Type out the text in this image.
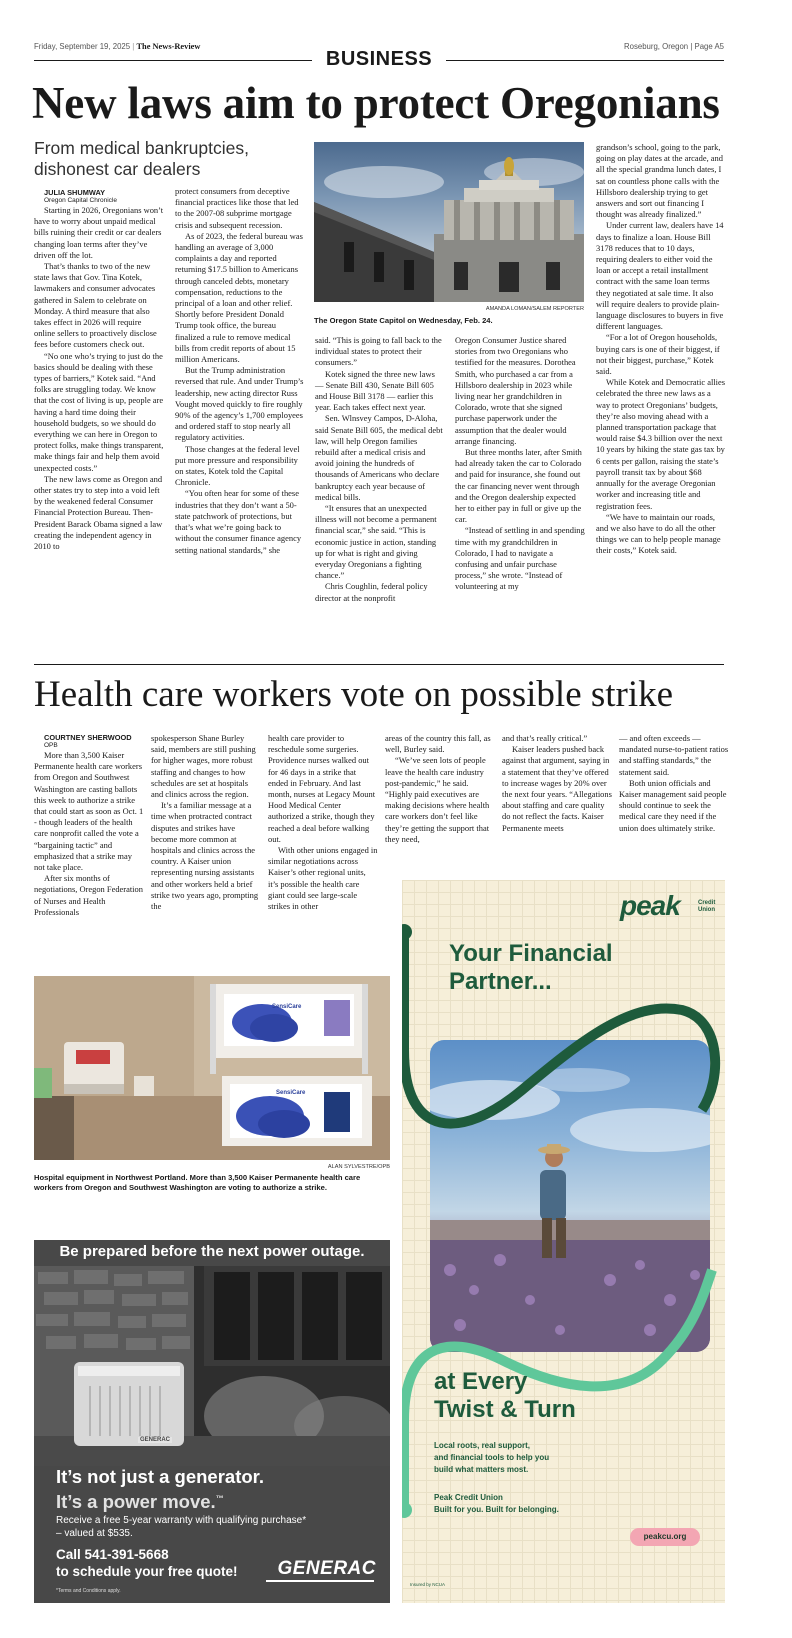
Friday, September 19, 2025 | The News-Review
BUSINESS
Roseburg, Oregon | Page A5
New laws aim to protect Oregonians
From medical bankruptcies,
dishonest car dealers

JULIA SHUMWAY

Oregon Capital Chronicle

Starting in 2026, Oregonians won’t have to worry about unpaid medical bills ruining their credit or car dealers changing loan terms after they’ve driven off the lot.

That’s thanks to two of the new state laws that Gov. Tina Kotek, lawmakers and consumer advocates gathered in Salem to celebrate on Monday. A third measure that also takes effect in 2026 will require online sellers to proactively disclose fees before customers check out.

“No one who’s trying to just do the basics should be dealing with these types of barriers,” Kotek said. “And folks are struggling today. We know that the cost of living is up, people are having a hard time doing their household budgets, so we should do everything we can here in Oregon to protect folks, make things transparent, make things fair and help them avoid unexpected costs.”

The new laws come as Oregon and other states try to step into a void left by the weakened federal Consumer Financial Protection Bureau. Then-President Barack Obama signed a law creating the independent agency in 2010 to

protect consumers from deceptive financial practices like those that led to the 2007-08 subprime mortgage crisis and subsequent recession.

As of 2023, the federal bureau was handling an average of 3,000 complaints a day and reported returning $17.5 billion to Americans through canceled debts, monetary compensation, reductions to the principal of a loan and other relief. Shortly before President Donald Trump took office, the bureau finalized a rule to remove medical bills from credit reports of about 15 million Americans.

But the Trump administration reversed that rule. And under Trump’s leadership, new acting director Russ Vought moved quickly to fire roughly 90% of the agency’s 1,700 employees and ordered staff to stop nearly all regulatory activities.

Those changes at the federal level put more pressure and responsibility on states, Kotek told the Capital Chronicle.

“You often hear for some of these industries that they don’t want a 50-state patchwork of protections, but that’s what we’re going back to without the consumer finance agency setting national standards,” she

AMANDA LOMAN/SALEM REPORTER
The Oregon State Capitol on Wednesday, Feb. 24.

said. “This is going to fall back to the individual states to protect their consumers.”

Kotek signed the three new laws — Senate Bill 430, Senate Bill 605 and House Bill 3178 — earlier this year. Each takes effect next year.

Sen. Wlnsvey Campos, D-Aloha, said Senate Bill 605, the medical debt law, will help Oregon families rebuild after a medical crisis and avoid joining the hundreds of thousands of Americans who declare bankruptcy each year because of medical bills.

“It ensures that an unexpected illness will not become a permanent financial scar,” she said. “This is economic justice in action, standing up for what is right and giving everyday Oregonians a fighting chance.”

Chris Coughlin, federal policy director at the nonprofit

Oregon Consumer Justice shared stories from two Oregonians who testified for the measures. Dorothea Smith, who purchased a car from a Hillsboro dealership in 2023 while living near her grandchildren in Colorado, wrote that she signed purchase paperwork under the assumption that the dealer would arrange financing.

But three months later, after Smith had already taken the car to Colorado and paid for insurance, she found out the car financing never went through and the Oregon dealership expected her to either pay in full or give up the car.

“Instead of settling in and spending time with my grandchildren in Colorado, I had to navigate a confusing and unfair purchase process,” she wrote. “Instead of volunteering at my

grandson’s school, going to the park, going on play dates at the arcade, and all the special grandma lunch dates, I sat on countless phone calls with the Hillsboro dealership trying to get answers and sort out financing I thought was already finalized.”

Under current law, dealers have 14 days to finalize a loan. House Bill 3178 reduces that to 10 days, requiring dealers to either void the loan or accept a retail installment contract with the same loan terms they negotiated at sale time. It also will require dealers to provide plain-language disclosures to buyers in five different languages.

“For a lot of Oregon households, buying cars is one of their biggest, if not their biggest, purchase,” Kotek said.

While Kotek and Democratic allies celebrated the three new laws as a way to protect Oregonians’ budgets, they’re also moving ahead with a planned transportation package that would raise $4.3 billion over the next 10 years by hiking the state gas tax by 6 cents per gallon, raising the state’s payroll transit tax by about $68 annually for the average Oregonian worker and increasing title and registration fees.

“We have to maintain our roads, and we also have to do all the other things we can to help people manage their costs,” Kotek said.

Health care workers vote on possible strike

COURTNEY SHERWOOD

OPB

More than 3,500 Kaiser Permanente health care workers from Oregon and Southwest Washington are casting ballots this week to authorize a strike that could start as soon as Oct. 1 - though leaders of the health care nonprofit called the vote a “bargaining tactic” and emphasized that a strike may not take place.

After six months of negotiations, Oregon Federation of Nurses and Health Professionals

spokesperson Shane Burley said, members are still pushing for higher wages, more robust staffing and changes to how schedules are set at hospitals and clinics across the region.

It’s a familiar message at a time when protracted contract disputes and strikes have become more common at hospitals and clinics across the country. A Kaiser union representing nursing assistants and other workers held a brief strike two years ago, prompting the

health care provider to reschedule some surgeries. Providence nurses walked out for 46 days in a strike that ended in February. And last month, nurses at Legacy Mount Hood Medical Center authorized a strike, though they reached a deal before walking out.

With other unions engaged in similar negotiations across Kaiser’s other regional units, it’s possible the health care giant could see large-scale strikes in other

areas of the country this fall, as well, Burley said.

“We’ve seen lots of people leave the health care industry post-pandemic,” he said. “Highly paid executives are making decisions where health care workers don’t feel like they’re getting the support that they need,

and that’s really critical.”

Kaiser leaders pushed back against that argument, saying in a statement that they’ve offered to increase wages by 20% over the next four years. “Allegations about staffing and care quality do not reflect the facts. Kaiser Permanente meets

— and often exceeds — mandated nurse-to-patient ratios and staffing standards,” the statement said.

Both union officials and Kaiser management said people should continue to seek the medical care they need if the union does ultimately strike.

SensiCare
SensiCare
ALAN SYLVESTRE/OPB
Hospital equipment in Northwest Portland. More than 3,500 Kaiser Permanente health care workers from Oregon and Southwest Washington are voting to authorize a strike.
Be prepared before the next power outage.
GENERAC
It’s not just a generator.
It’s a power move.™
Receive a free 5-year warranty with qualifying purchase*
– valued at $535.
Call 541-391-5668
to schedule your free quote!
*Terms and Conditions apply.
GENERAC
peak	Credit
Union
Your Financial
Partner...
at Every
Twist & Turn
Local roots, real support,
and financial tools to help you
build what matters most.
Peak Credit Union
Built for you. Built for belonging.
Insured by NCUA
peakcu.org
